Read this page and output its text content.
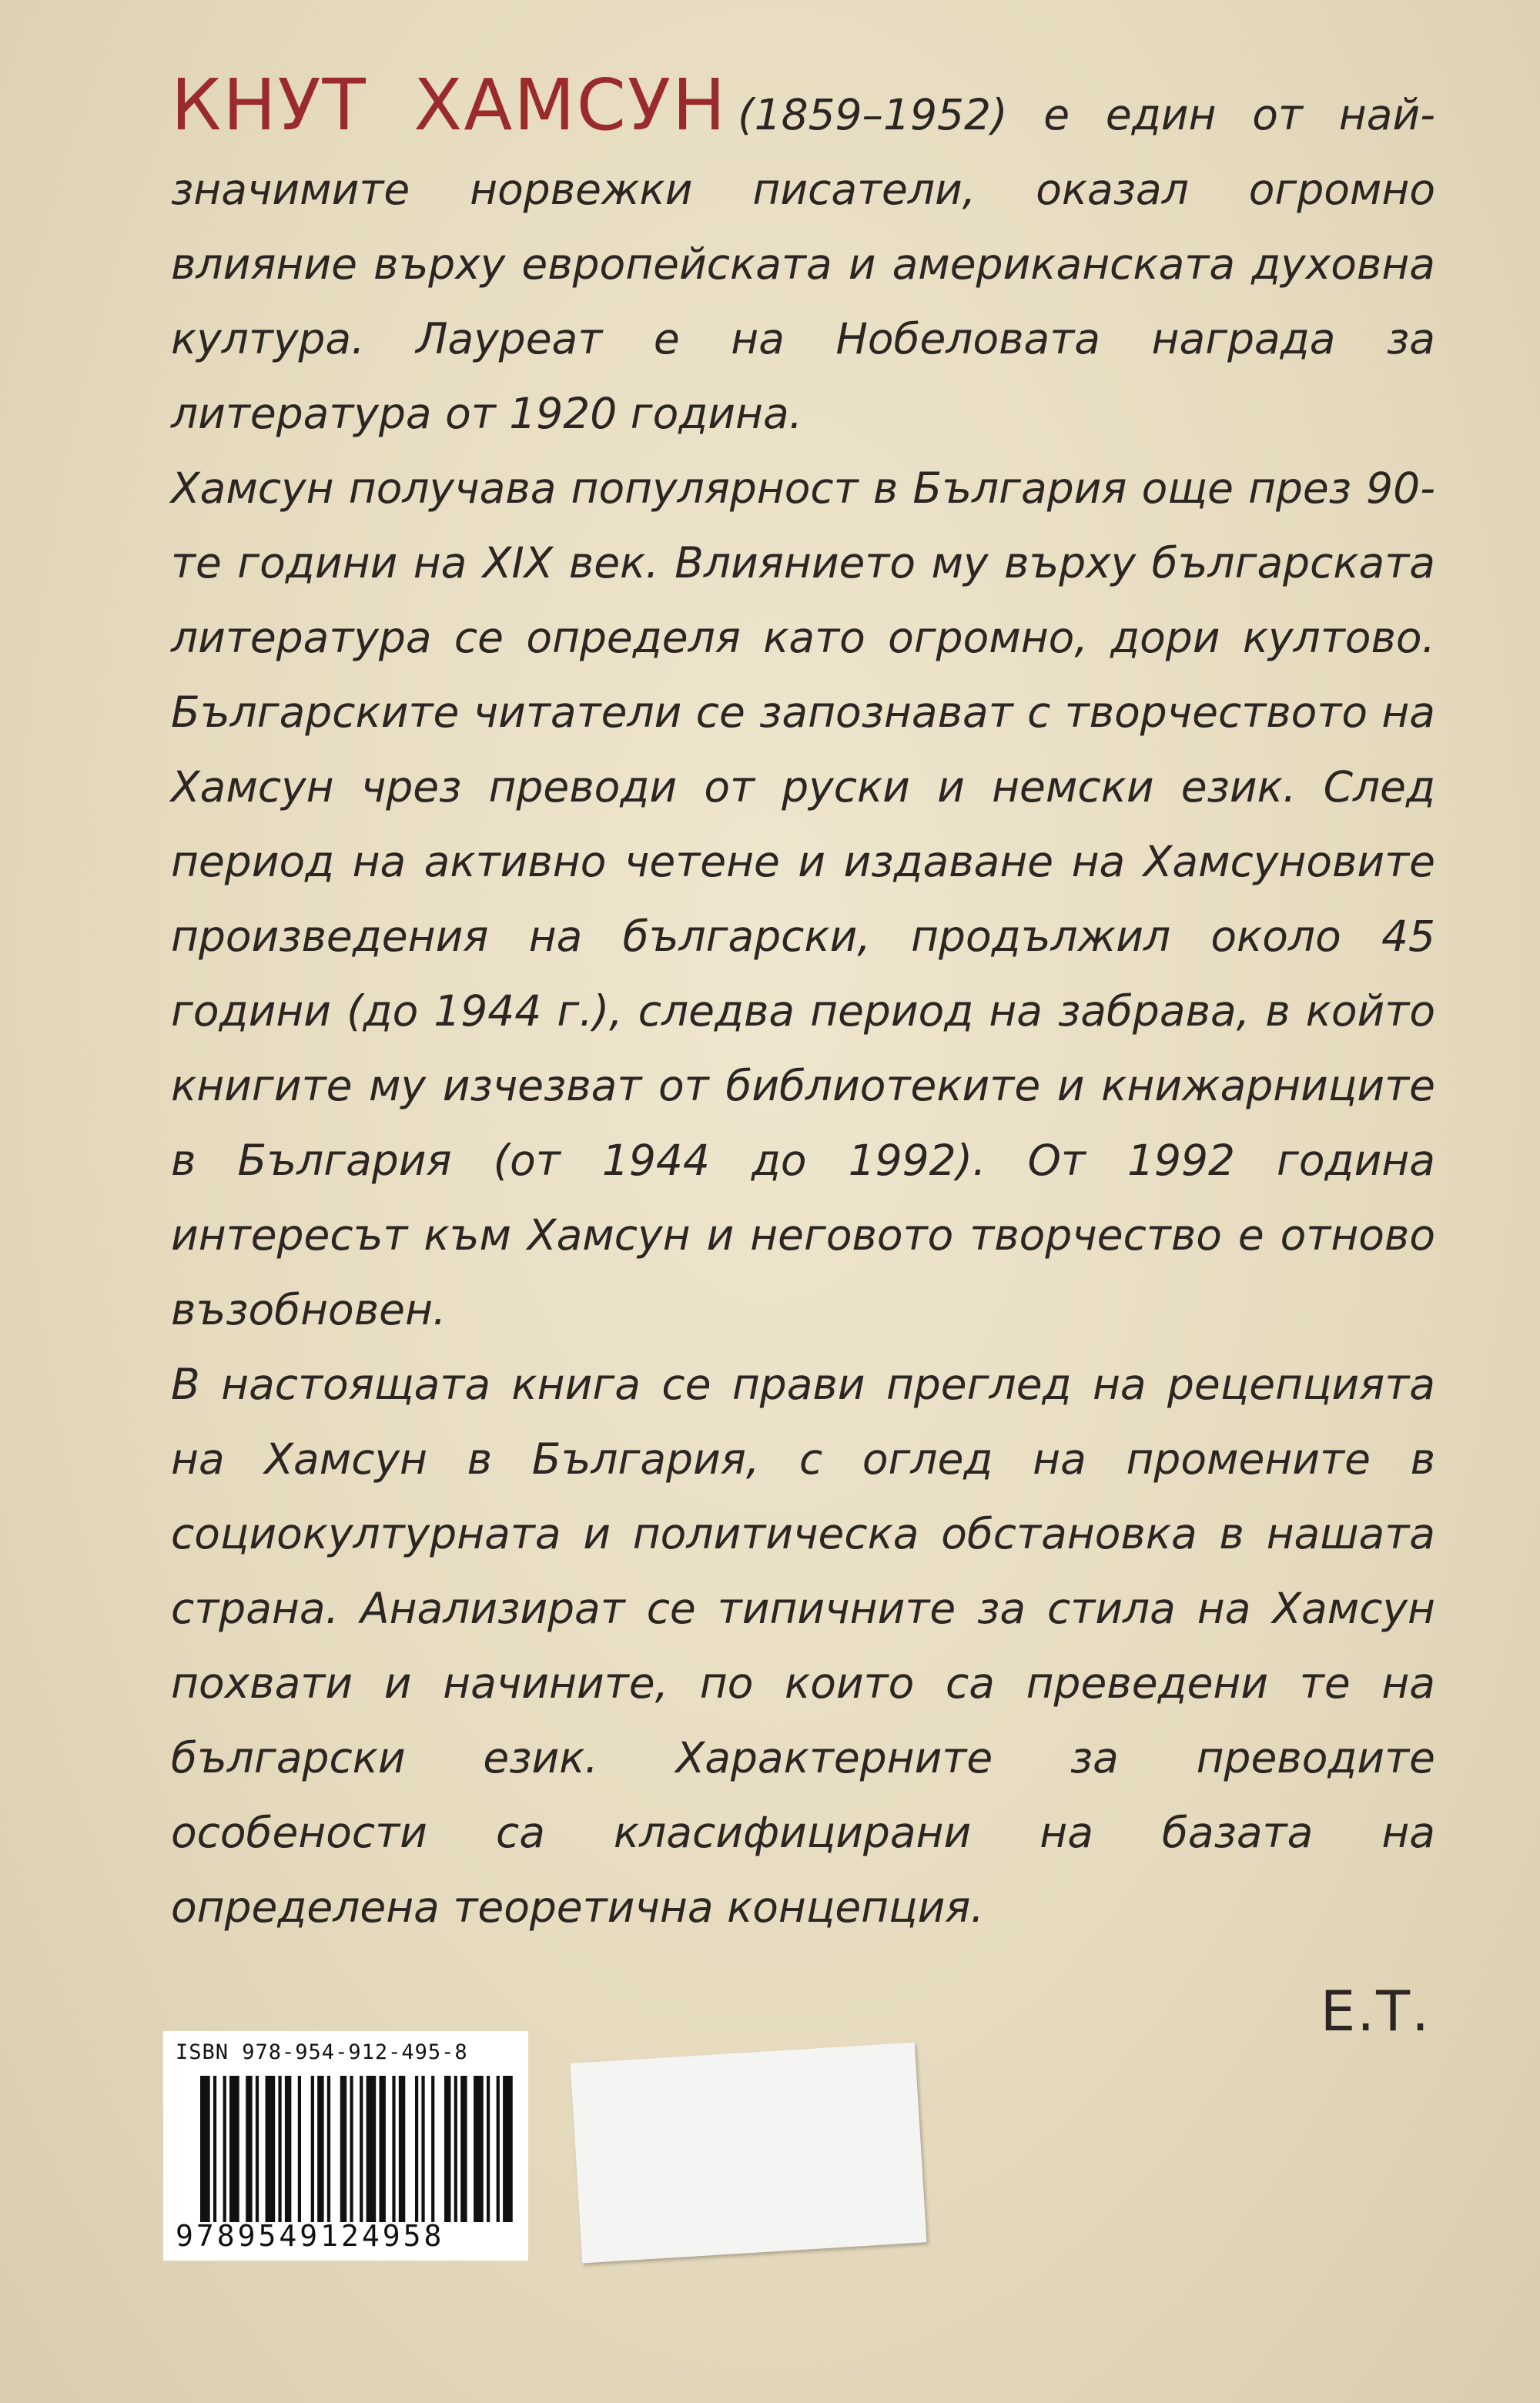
КНУТ ХАМСУН (1859–1952) е един от най-значимите норвежки писатели, оказал огромно влияние върху европейската и американската духовна култура. Лауреат е на Нобеловата награда за литература от 1920 година.

Хамсун получава популярност в България още през 90-те години на XIX век. Влиянието му върху българската литература се определя като огромно, дори култово. Българските читатели се запознават с творчеството на Хамсун чрез преводи от руски и немски език. След период на активно четене и издаване на Хамсуновите произведения на български, продължил около 45 години (до 1944 г.), следва период на забрава, в който книгите му изчезват от библиотеките и книжарниците в България (от 1944 до 1992). От 1992 година интересът към Хамсун и неговото творчество е отново възобновен.

В настоящата книга се прави преглед на рецепцията на Хамсун в България, с оглед на промените в социокултурната и политическа обстановка в нашата страна. Анализират се типичните за стила на Хамсун похвати и начините, по които са преведени те на български език. Характерните за преводите особености са класифицирани на базата на определена теоретична концепция.

Е.Т.
ISBN 978-954-912-495-8
9789549124958
